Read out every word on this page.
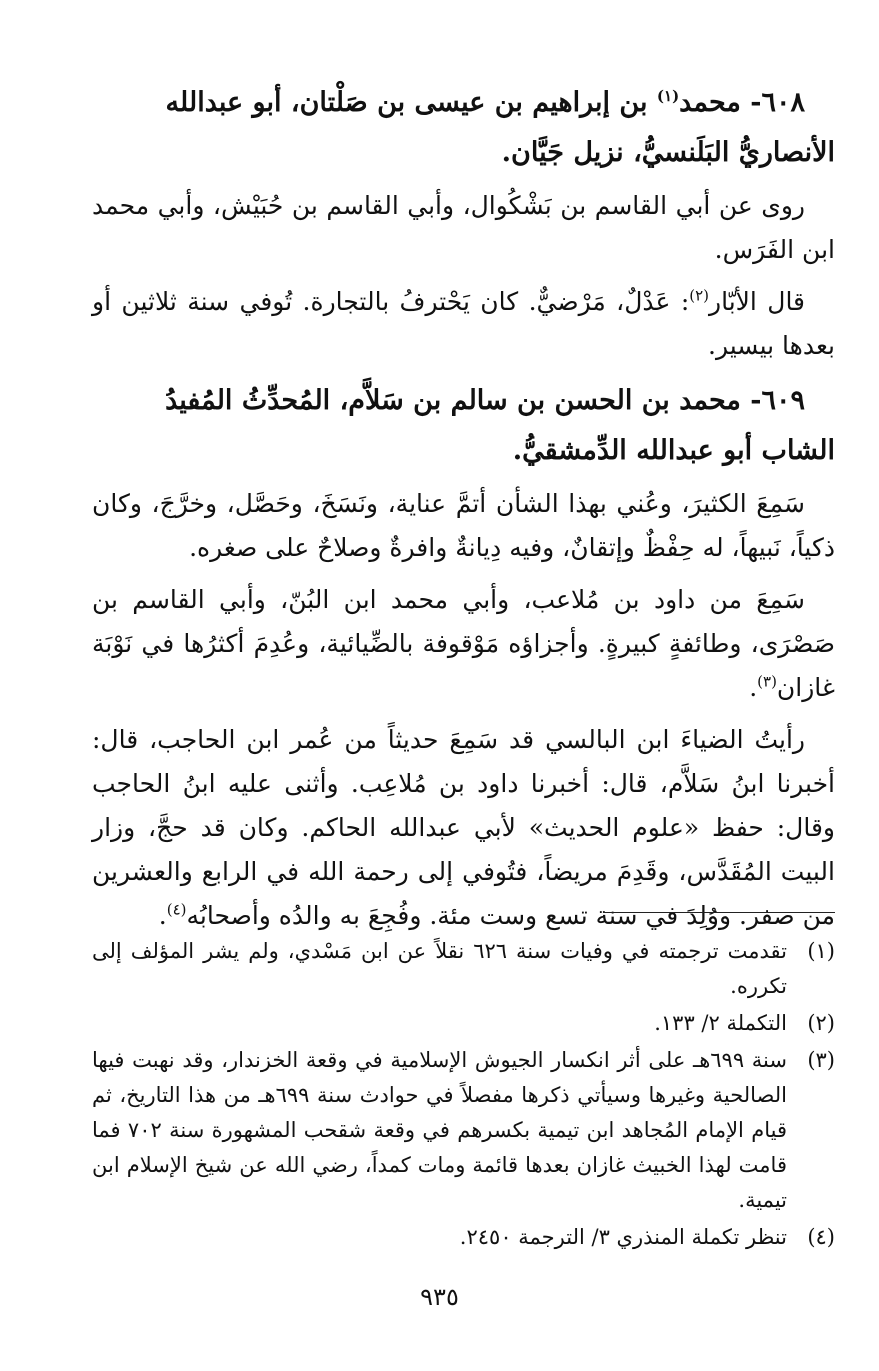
٦٠٨- محمد$^{(١)}$ بن إبراهيم بن عيسى بن صَلْتان، أبو عبدالله الأنصاريُّ البَلَنسيُّ، نزيل جَيَّان.

روى عن أبي القاسم بن بَشْكُوال، وأبي القاسم بن حُبَيْش، وأبي محمد ابن الفَرَس.

قال الأبّار$^{(٢)}$: عَدْلٌ، مَرْضيٌّ. كان يَحْترفُ بالتجارة. تُوفي سنة ثلاثين أو بعدها بيسير.

٦٠٩- محمد بن الحسن بن سالم بن سَلاَّم، المُحدِّثُ المُفيدُ الشاب أبو عبدالله الدِّمشقيُّ.

سَمِعَ الكثيرَ، وعُني بهذا الشأن أتمَّ عناية، ونَسَخَ، وحَصَّل، وخرَّجَ، وكان ذكياً، نَبيهاً، له حِفْظٌ وإتقانٌ، وفيه دِيانةٌ وافرةٌ وصلاحٌ على صغره.

سَمِعَ من داود بن مُلاعب، وأبي محمد ابن البُنّ، وأبي القاسم بن صَصْرَى، وطائفةٍ كبيرةٍ. وأجزاؤه مَوْقوفة بالضِّيائية، وعُدِمَ أكثرُها في نَوْبَة غازان$^{(٣)}$.

رأيتُ الضياءَ ابن البالسي قد سَمِعَ حديثاً من عُمر ابن الحاجب، قال: أخبرنا ابنُ سَلاَّم، قال: أخبرنا داود بن مُلاعِب. وأثنى عليه ابنُ الحاجب وقال: حفظ «علوم الحديث» لأبي عبدالله الحاكم. وكان قد حجَّ، وزار البيت المُقَدَّس، وقَدِمَ مريضاً، فتُوفي إلى رحمة الله في الرابع والعشرين من صفر. ووُلِدَ في سنة تسع وست مئة. وفُجِعَ به والدُه وأصحابُه$^{(٤)}$.

(١)
تقدمت ترجمته في وفيات سنة ٦٢٦ نقلاً عن ابن مَسْدي، ولم يشر المؤلف إلى تكرره.
(٢)
التكملة ٢/ ١٣٣.
(٣)
سنة ٦٩٩هـ على أثر انكسار الجيوش الإسلامية في وقعة الخزندار، وقد نهبت فيها الصالحية وغيرها وسيأتي ذكرها مفصلاً في حوادث سنة ٦٩٩هـ من هذا التاريخ، ثم قيام الإمام المُجاهد ابن تيمية بكسرهم في وقعة شقحب المشهورة سنة ٧٠٢ فما قامت لهذا الخبيث غازان بعدها قائمة ومات كمداً، رضي الله عن شيخ الإسلام ابن تيمية.
(٤)
تنظر تكملة المنذري ٣/ الترجمة ٢٤٥٠.
٩٣٥
